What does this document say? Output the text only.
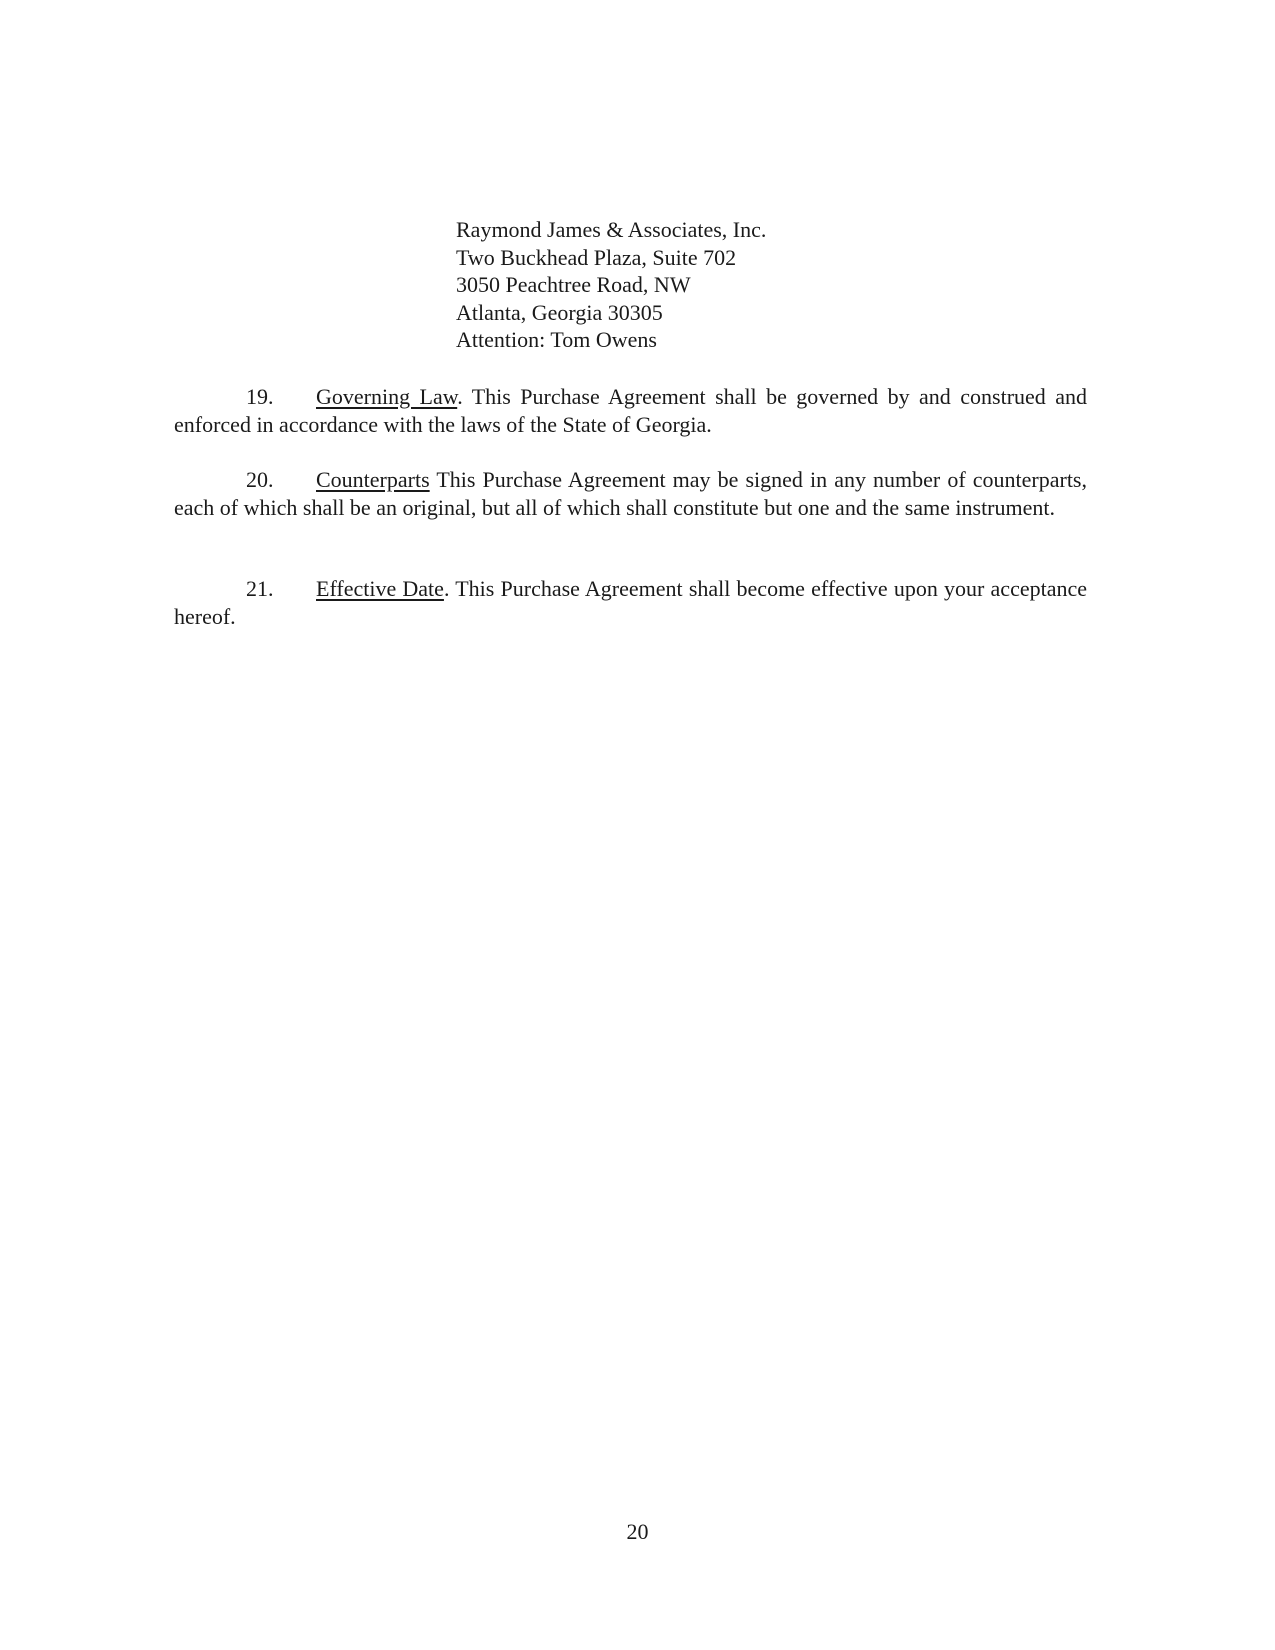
Raymond James & Associates, Inc.
Two Buckhead Plaza, Suite 702
3050 Peachtree Road, NW
Atlanta, Georgia 30305
Attention: Tom Owens

19. Governing Law. This Purchase Agreement shall be governed by and construed and enforced in accordance with the laws of the State of Georgia.

20. Counterparts This Purchase Agreement may be signed in any number of counterparts, each of which shall be an original, but all of which shall constitute but one and the same instrument.

21. Effective Date. This Purchase Agreement shall become effective upon your acceptance hereof.

20
